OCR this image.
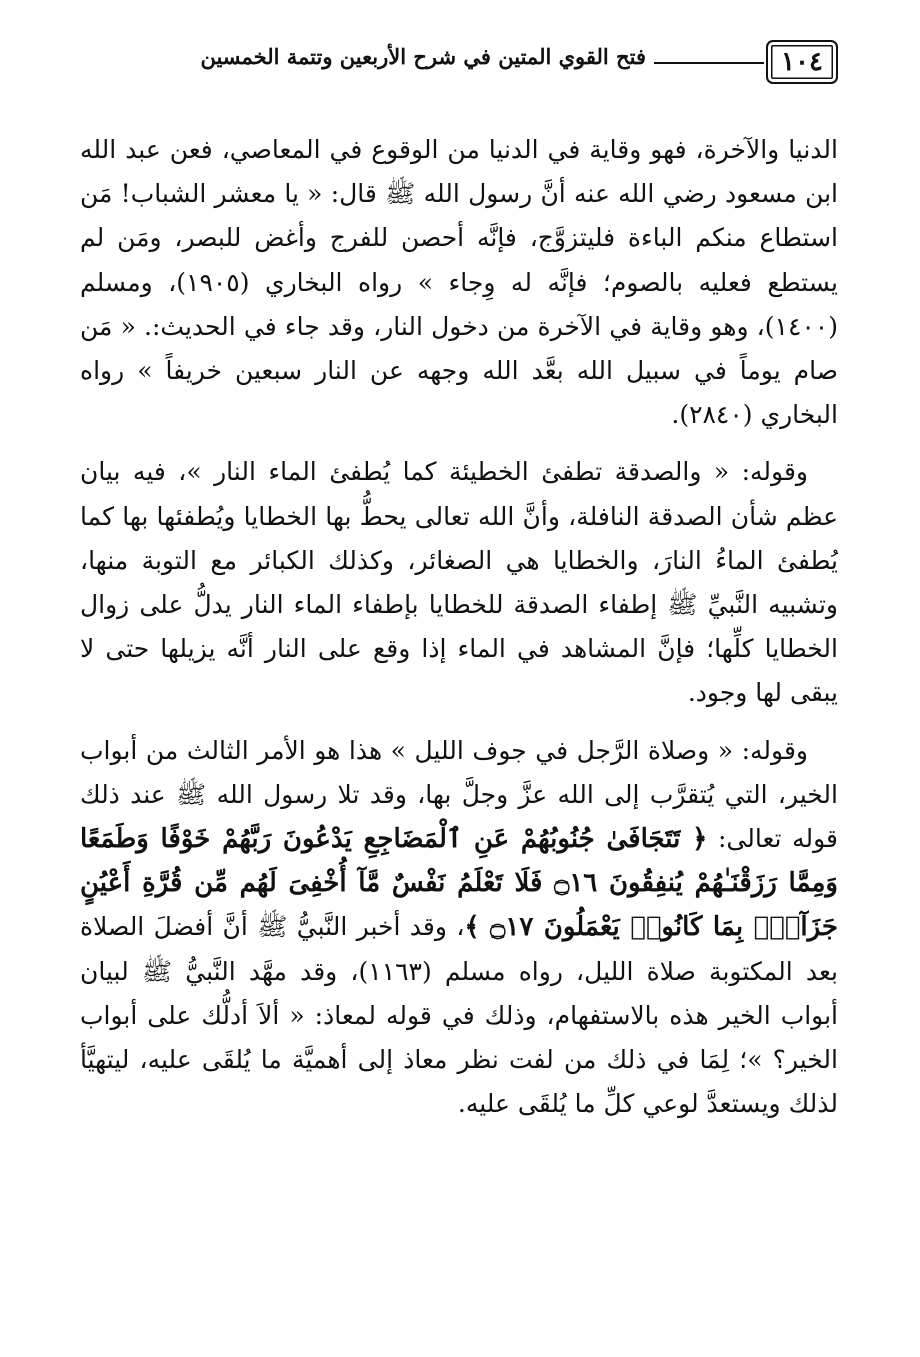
١٠٤
فتح القوي المتين في شرح الأربعين وتتمة الخمسين

الدنيا والآخرة، فهو وقاية في الدنيا من الوقوع في المعاصي، فعن عبد الله ابن مسعود رضي الله عنه أنَّ رسول الله ﷺ قال: « يا معشر الشباب! مَن استطاع منكم الباءة فليتزوَّج، فإنَّه أحصن للفرج وأغض للبصر، ومَن لم يستطع فعليه بالصوم؛ فإنَّه له وِجاء » رواه البخاري (١٩٠٥)، ومسلم (١٤٠٠)، وهو وقاية في الآخرة من دخول النار، وقد جاء في الحديث:. « مَن صام يوماً في سبيل الله بعَّد الله وجهه عن النار سبعين خريفاً » رواه البخاري (٢٨٤٠).

وقوله: « والصدقة تطفئ الخطيئة كما يُطفئ الماء النار »، فيه بيان عظم شأن الصدقة النافلة، وأنَّ الله تعالى يحطُّ بها الخطايا ويُطفئها بها كما يُطفئ الماءُ النارَ، والخطايا هي الصغائر، وكذلك الكبائر مع التوبة منها، وتشبيه النَّبيِّ ﷺ إطفاء الصدقة للخطايا بإطفاء الماء النار يدلُّ على زوال الخطايا كلِّها؛ فإنَّ المشاهد في الماء إذا وقع على النار أنَّه يزيلها حتى لا يبقى لها وجود.

وقوله: « وصلاة الرَّجل في جوف الليل » هذا هو الأمر الثالث من أبواب الخير، التي يُتقرَّب إلى الله عزَّ وجلَّ بها، وقد تلا رسول الله ﷺ عند ذلك قوله تعالى: ﴿ تَتَجَافَىٰ جُنُوبُهُمْ عَنِ ٱلْمَضَاجِعِ يَدْعُونَ رَبَّهُمْ خَوْفًا وَطَمَعًا وَمِمَّا رَزَقْنَـٰهُمْ يُنفِقُونَ ۝١٦ فَلَا تَعْلَمُ نَفْسٌ مَّآ أُخْفِىَ لَهُم مِّن قُرَّةِ أَعْيُنٍ جَزَآءًۢ بِمَا كَانُوا۟ يَعْمَلُونَ ۝١٧ ﴾، وقد أخبر النَّبيُّ ﷺ أنَّ أفضلَ الصلاة بعد المكتوبة صلاة الليل، رواه مسلم (١١٦٣)، وقد مهَّد النَّبيُّ ﷺ لبيان أبواب الخير هذه بالاستفهام، وذلك في قوله لمعاذ: « ألاَ أدلُّك على أبواب الخير؟ »؛ لِمَا في ذلك من لفت نظر معاذ إلى أهميَّة ما يُلقَى عليه، ليتهيَّأ لذلك ويستعدَّ لوعي كلِّ ما يُلقَى عليه.
